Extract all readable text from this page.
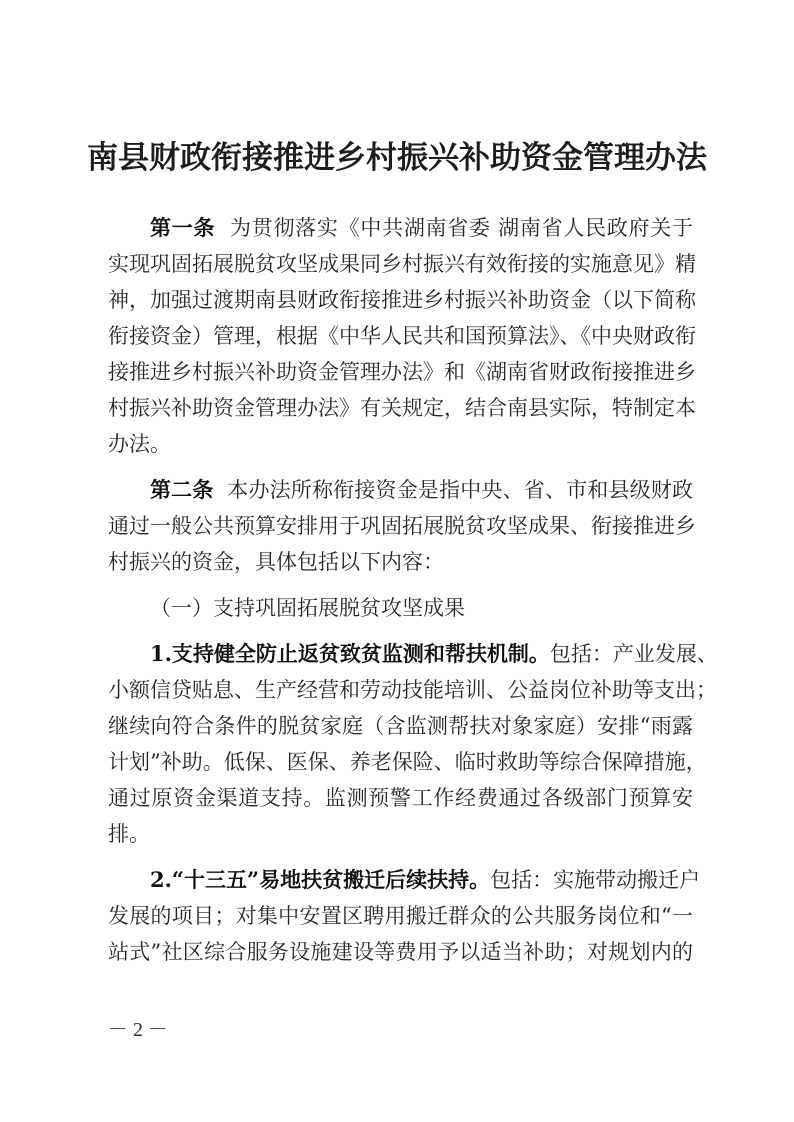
南县财政衔接推进乡村振兴补助资金管理办法
第一条 为贯彻落实《中共湖南省委 湖南省人民政府关于
实现巩固拓展脱贫攻坚成果同乡村振兴有效衔接的实施意见》精
神，加强过渡期南县财政衔接推进乡村振兴补助资金（以下简称
衔接资金）管理，根据《中华人民共和国预算法》、《中央财政衔
接推进乡村振兴补助资金管理办法》和《湖南省财政衔接推进乡
村振兴补助资金管理办法》有关规定，结合南县实际，特制定本
办法。
第二条 本办法所称衔接资金是指中央、省、市和县级财政
通过一般公共预算安排用于巩固拓展脱贫攻坚成果、衔接推进乡
村振兴的资金，具体包括以下内容：
（一）支持巩固拓展脱贫攻坚成果
1.支持健全防止返贫致贫监测和帮扶机制。包括：产业发展、
小额信贷贴息、生产经营和劳动技能培训、公益岗位补助等支出；
继续向符合条件的脱贫家庭（含监测帮扶对象家庭）安排“雨露
计划”补助。低保、医保、养老保险、临时救助等综合保障措施，
通过原资金渠道支持。监测预警工作经费通过各级部门预算安
排。
2.“十三五”易地扶贫搬迁后续扶持。包括：实施带动搬迁户
发展的项目；对集中安置区聘用搬迁群众的公共服务岗位和“一
站式”社区综合服务设施建设等费用予以适当补助；对规划内的
－ 2 －
